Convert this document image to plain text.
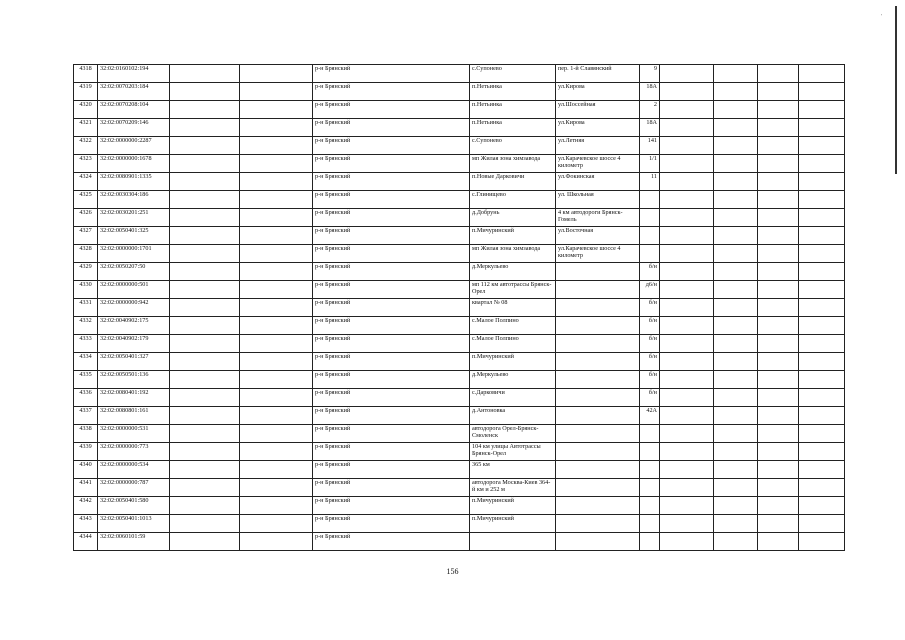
'
4318	32:02:0160102:194			р-н Брянский	с.Супонево	пер. 1-й Славянский	9				
4319	32:02:0070203:184			р-н Брянский	п.Нетьинка	ул.Кирова	18А				
4320	32:02:0070208:104			р-н Брянский	п.Нетьинка	ул.Шоссейная	2				
4321	32:02:0070209:146			р-н Брянский	п.Нетьинка	ул.Кирова	18А				
4322	32:02:0000000:2287			р-н Брянский	с.Супонево	ул.Летняя	141				
4323	32:02:0000000:1678			р-н Брянский	мп Жилая зона химзавода	ул.Карачевское шоссе 4 километр	1/1				
4324	32:02:0080901:1335			р-н Брянский	п.Новые Дарковичи	ул.Фокинская	11				
4325	32:02:0030304:186			р-н Брянский	с.Глинищево	ул. Школьная					
4326	32:02:0030201:251			р-н Брянский	д.Добрунь	4 км автодороги Брянск-Гомель					
4327	32:02:0050401:325			р-н Брянский	п.Мичуринский	ул.Восточная					
4328	32:02:0000000:1701			р-н Брянский	мп Жилая зона химзавода	ул.Карачевское шоссе 4 километр					
4329	32:02:0050207:50			р-н Брянский	д.Меркульево		б/н				
4330	32:02:0000000:501			р-н Брянский	мп 112 км автотрассы Брянск-Орел		д6/н				
4331	32:02:0000000:942			р-н Брянский	квартал № 08		б/н				
4332	32:02:0040902:175			р-н Брянский	с.Малое Полпино		б/н				
4333	32:02:0040902:179			р-н Брянский	с.Малое Полпино		б/н				
4334	32:02:0050401:327			р-н Брянский	п.Мичуринский		б/н				
4335	32:02:0050501:136			р-н Брянский	д.Меркульево		б/н				
4336	32:02:0080401:192			р-н Брянский	с.Дарковичи		б/н				
4337	32:02:0080801:161			р-н Брянский	д.Антоновка		42А				
4338	32:02:0000000:531			р-н Брянский	автодорога Орел-Брянск-Смоленск						
4339	32:02:0000000:773			р-н Брянский	104 км улицы Автотрассы Брянск-Орел						
4340	32:02:0000000:534			р-н Брянский	365 км						
4341	32:02:0000000:787			р-н Брянский	автодорога Москва-Киев 364-й км и 252 м						
4342	32:02:0050401:580			р-н Брянский	п.Мичуринский						
4343	32:02:0050401:1013			р-н Брянский	п.Мичуринский						
4344	32:02:0060101:59			р-н Брянский							
156
